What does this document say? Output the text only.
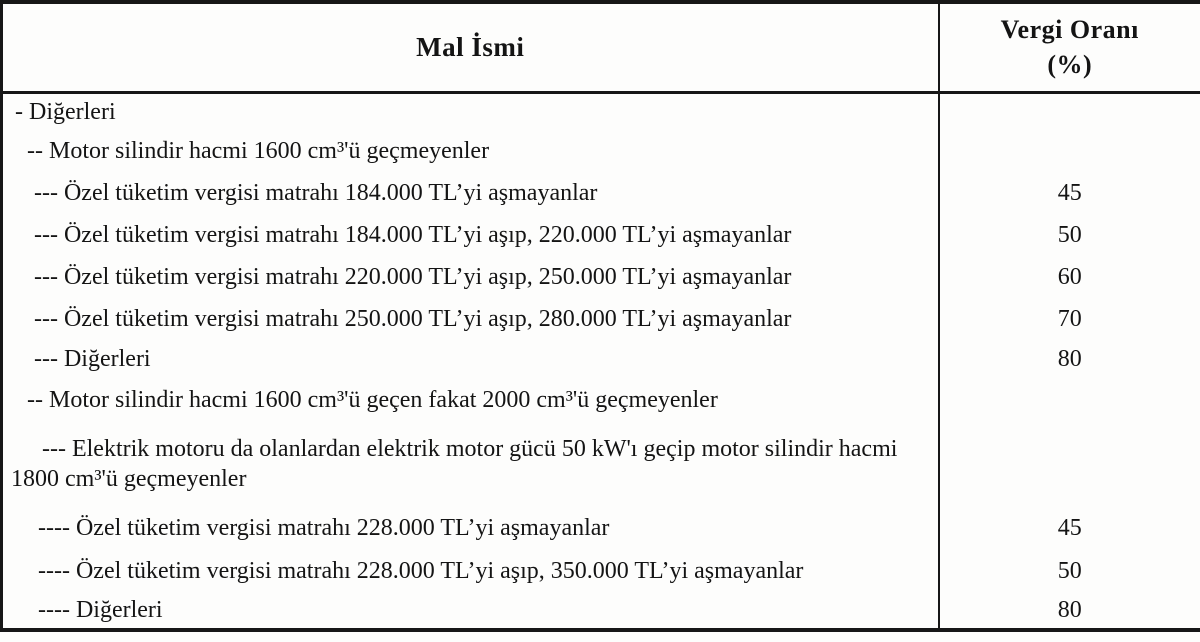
Mal İsmi	Vergi Oranı
(%)

- Diğerleri	
-- Motor silindir hacmi 1600 cm³'ü geçmeyenler	
--- Özel tüketim vergisi matrahı 184.000 TL’yi aşmayanlar	45
--- Özel tüketim vergisi matrahı 184.000 TL’yi aşıp, 220.000 TL’yi aşmayanlar	50
--- Özel tüketim vergisi matrahı 220.000 TL’yi aşıp, 250.000 TL’yi aşmayanlar	60
--- Özel tüketim vergisi matrahı 250.000 TL’yi aşıp, 280.000 TL’yi aşmayanlar	70
--- Diğerleri	80
-- Motor silindir hacmi 1600 cm³'ü geçen fakat 2000 cm³'ü geçmeyenler	
--- Elektrik motoru da olanlardan elektrik motor gücü 50 kW'ı geçip motor silindir hacmi 1800 cm³'ü geçmeyenler	
---- Özel tüketim vergisi matrahı 228.000 TL’yi aşmayanlar	45
---- Özel tüketim vergisi matrahı 228.000 TL’yi aşıp, 350.000 TL’yi aşmayanlar	50
---- Diğerleri	80
